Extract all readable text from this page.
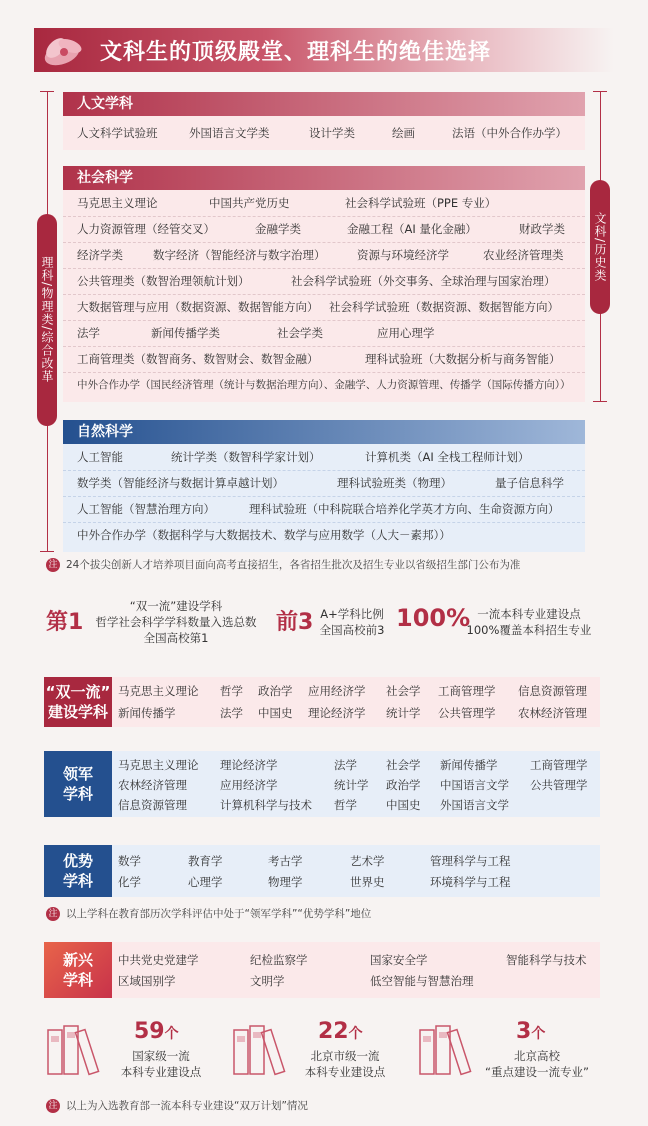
文科生的顶级殿堂、理科生的绝佳选择
理科/物理类/综合改革
文科/历史类
人文学科
人文科学试验班	外国语言文学类	设计学类	绘画	法语（中外合作办学）
社会科学
马克思主义理论	中国共产党历史	社会科学试验班（PPE 专业）
人力资源管理（经管交叉）	金融学类	金融工程（AI 量化金融）	财政学类
经济学类	数字经济（智能经济与数字治理）	资源与环境经济学	农业经济管理类
公共管理类（数智治理领航计划）	社会科学试验班（外交事务、全球治理与国家治理）
大数据管理与应用（数据资源、数据智能方向） 社会科学试验班（数据资源、数据智能方向）
法学	新闻传播学类	社会学类	应用心理学
工商管理类（数智商务、数智财会、数智金融）	理科试验班（大数据分析与商务智能）
中外合作办学（国民经济管理（统计与数据治理方向）、金融学、人力资源管理、传播学（国际传播方向））
自然科学
人工智能	统计学类（数智科学家计划）	计算机类（AI 全栈工程师计划）
数学类（智能经济与数据计算卓越计划）	理科试验班类（物理）	量子信息科学
人工智能（智慧治理方向）	理科试验班（中科院联合培养化学英才方向、生命资源方向）
中外合作办学（数据科学与大数据技术、数学与应用数学（人大－素邦））
注 24个拔尖创新人才培养项目面向高考直接招生，各省招生批次及招生专业以省级招生部门公布为准
第1
“双一流”建设学科
哲学社会科学学科数量入选总数
全国高校第1
前3 A+学科比例
全国高校前3 100% 一流本科专业建设点
100%覆盖本科招生专业
“双一流”
建设学科
马克思主义理论 哲学 政治学 应用经济学 社会学 工商管理学 信息资源管理
新闻传播学	法学 中国史 理论经济学 统计学 公共管理学 农林经济管理
领军
学科
马克思主义理论 理论经济学	法学	社会学 新闻传播学	工商管理学
农林经济管理	应用经济学	统计学 政治学 中国语言文学 公共管理学
信息资源管理	计算机科学与技术 哲学	中国史 外国语言文学
优势
学科
数学	教育学	考古学	艺术学	管理科学与工程
化学	心理学	物理学	世界史	环境科学与工程
注 以上学科在教育部历次学科评估中处于“领军学科”“优势学科”地位
新兴
学科
中共党史党建学	纪检监察学	国家安全学	智能科学与技术
区域国别学	文明学	低空智能与智慧治理
59个
国家级一流
本科专业建设点
22个
北京市级一流
本科专业建设点
3个
北京高校
“重点建设一流专业”
注 以上为入选教育部一流本科专业建设“双万计划”情况
